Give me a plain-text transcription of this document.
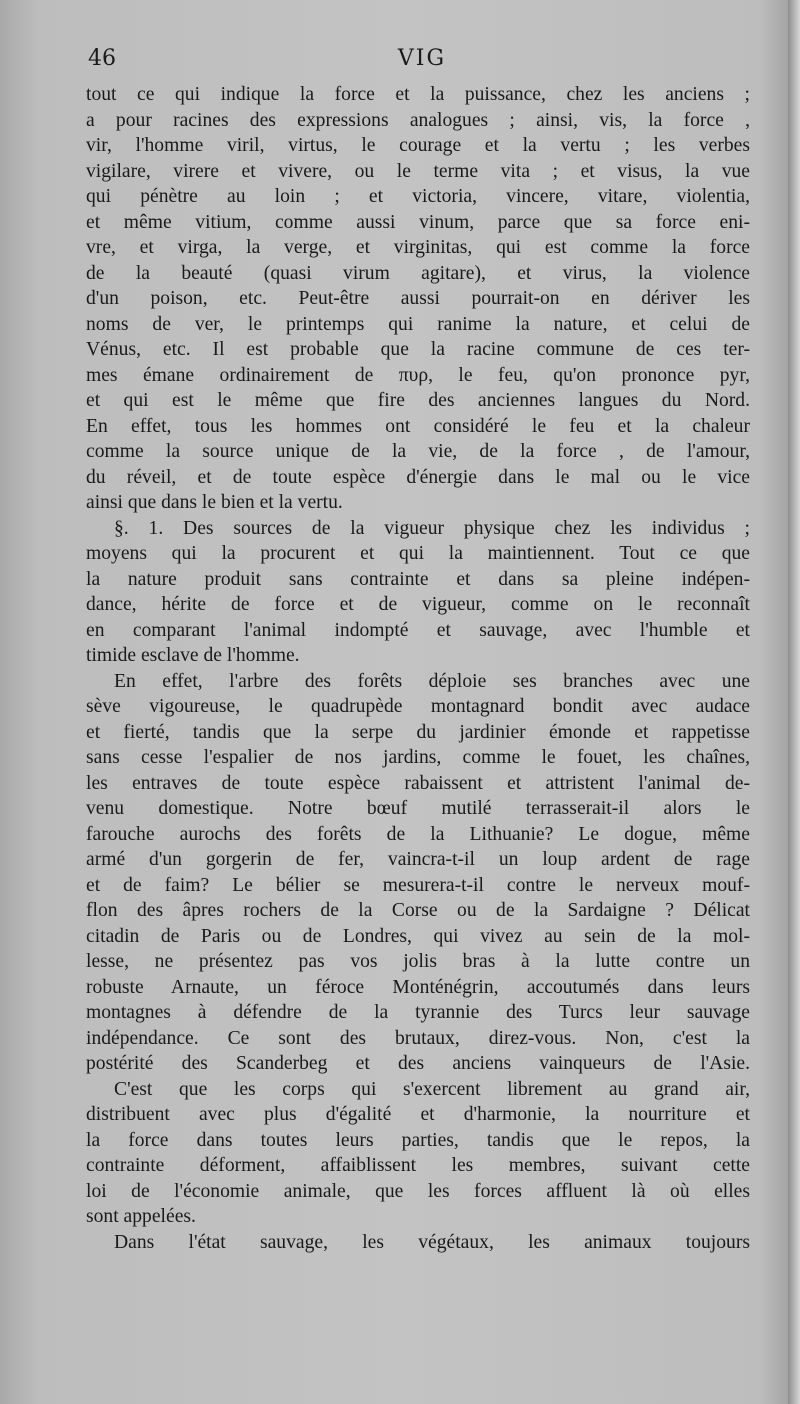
46	VIG
tout ce qui indique la force et la puissance, chez les anciens ;
a pour racines des expressions analogues ; ainsi, vis, la force ,
vir, l'homme viril, virtus, le courage et la vertu ; les verbes
vigilare, virere et vivere, ou le terme vita ; et visus, la vue
qui pénètre au loin ; et victoria, vincere, vitare, violentia,
et même vitium, comme aussi vinum, parce que sa force eni-
vre, et virga, la verge, et virginitas, qui est comme la force
de la beauté (quasi virum agitare), et virus, la violence
d'un poison, etc. Peut-être aussi pourrait-on en dériver les
noms de ver, le printemps qui ranime la nature, et celui de
Vénus, etc. Il est probable que la racine commune de ces ter-
mes émane ordinairement de πυρ, le feu, qu'on prononce pyr,
et qui est le même que fire des anciennes langues du Nord.
En effet, tous les hommes ont considéré le feu et la chaleur
comme la source unique de la vie, de la force , de l'amour,
du réveil, et de toute espèce d'énergie dans le mal ou le vice
ainsi que dans le bien et la vertu.
§. 1. Des sources de la vigueur physique chez les individus ;
moyens qui la procurent et qui la maintiennent. Tout ce que
la nature produit sans contrainte et dans sa pleine indépen-
dance, hérite de force et de vigueur, comme on le reconnaît
en comparant l'animal indompté et sauvage, avec l'humble et
timide esclave de l'homme.
En effet, l'arbre des forêts déploie ses branches avec une
sève vigoureuse, le quadrupède montagnard bondit avec audace
et fierté, tandis que la serpe du jardinier émonde et rappetisse
sans cesse l'espalier de nos jardins, comme le fouet, les chaînes,
les entraves de toute espèce rabaissent et attristent l'animal de-
venu domestique. Notre bœuf mutilé terrasserait-il alors le
farouche aurochs des forêts de la Lithuanie? Le dogue, même
armé d'un gorgerin de fer, vaincra-t-il un loup ardent de rage
et de faim? Le bélier se mesurera-t-il contre le nerveux mouf-
flon des âpres rochers de la Corse ou de la Sardaigne ? Délicat
citadin de Paris ou de Londres, qui vivez au sein de la mol-
lesse, ne présentez pas vos jolis bras à la lutte contre un
robuste Arnaute, un féroce Monténégrin, accoutumés dans leurs
montagnes à défendre de la tyrannie des Turcs leur sauvage
indépendance. Ce sont des brutaux, direz-vous. Non, c'est la
postérité des Scanderbeg et des anciens vainqueurs de l'Asie.
C'est que les corps qui s'exercent librement au grand air,
distribuent avec plus d'égalité et d'harmonie, la nourriture et
la force dans toutes leurs parties, tandis que le repos, la
contrainte déforment, affaiblissent les membres, suivant cette
loi de l'économie animale, que les forces affluent là où elles
sont appelées.
Dans l'état sauvage, les végétaux, les animaux toujours
